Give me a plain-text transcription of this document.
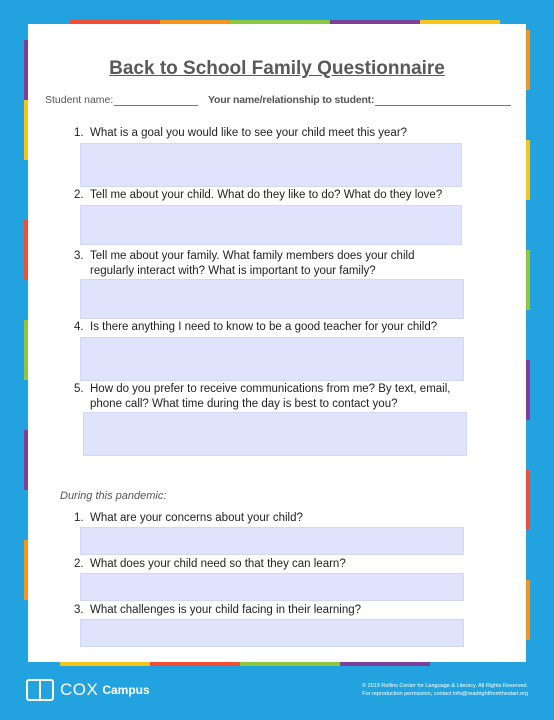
Back to School Family Questionnaire
Student name:	Your name/relationship to student:
1. What is a goal you would like to see your child meet this year?
2. Tell me about your child. What do they like to do? What do they love?
3. Tell me about your family. What family members does your child regularly interact with? What is important to your family?
4. Is there anything I need to know to be a good teacher for your child?
5. How do you prefer to receive communications from me? By text, email, phone call? What time during the day is best to contact you?
During this pandemic:
1. What are your concerns about your child?
2. What does your child need so that they can learn?
3. What challenges is your child facing in their learning?
COX Campus	© 2019 Rollins Center for Language & Literacy. All Rights Reserved.
For reproduction permission, contact info@readrightfromthestart.org
